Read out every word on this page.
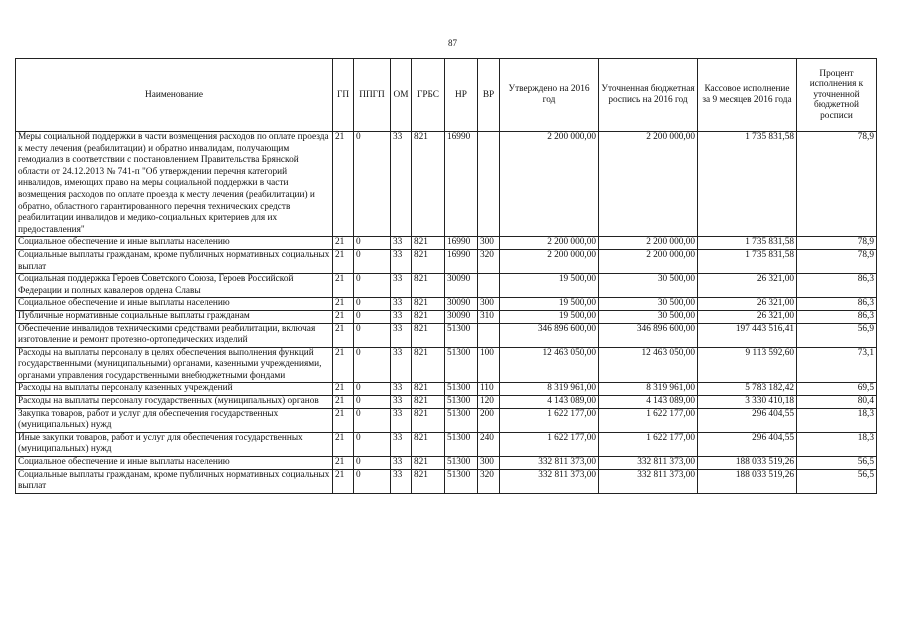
87
Наименование	ГП	ППГП	ОМ	ГРБС	НР	ВР	Утверждено на 2016 год	Уточненная бюджетная роспись на 2016 год	Кассовое исполнение за 9 месяцев 2016 года	Процент исполнения к уточненной бюджетной росписи
Меры социальной поддержки в части возмещения расходов по оплате проезда к месту лечения (реабилитации) и обратно инвалидам, получающим гемодиализ в соответствии с постановлением Правительства Брянской области от 24.12.2013 № 741-п "Об утверждении перечня категорий инвалидов, имеющих право на меры социальной поддержки в части возмещения расходов по оплате проезда к месту лечения (реабилитации) и обратно, областного гарантированного перечня технических средств реабилитации инвалидов и медико-социальных критериев для их предоставления"	21	0	33	821	16990		2 200 000,00	2 200 000,00	1 735 831,58	78,9
Социальное обеспечение и иные выплаты населению	21	0	33	821	16990	300	2 200 000,00	2 200 000,00	1 735 831,58	78,9
Социальные выплаты гражданам, кроме публичных нормативных социальных выплат	21	0	33	821	16990	320	2 200 000,00	2 200 000,00	1 735 831,58	78,9
Социальная поддержка Героев Советского Союза, Героев Российской Федерации и полных кавалеров ордена Славы	21	0	33	821	30090		19 500,00	30 500,00	26 321,00	86,3
Социальное обеспечение и иные выплаты населению	21	0	33	821	30090	300	19 500,00	30 500,00	26 321,00	86,3
Публичные нормативные социальные выплаты гражданам	21	0	33	821	30090	310	19 500,00	30 500,00	26 321,00	86,3
Обеспечение инвалидов техническими средствами реабилитации, включая изготовление и ремонт протезно-ортопедических изделий	21	0	33	821	51300		346 896 600,00	346 896 600,00	197 443 516,41	56,9
Расходы на выплаты персоналу в целях обеспечения выполнения функций государственными (муниципальными) органами, казенными учреждениями, органами управления государственными внебюджетными фондами	21	0	33	821	51300	100	12 463 050,00	12 463 050,00	9 113 592,60	73,1
Расходы на выплаты персоналу казенных учреждений	21	0	33	821	51300	110	8 319 961,00	8 319 961,00	5 783 182,42	69,5
Расходы на выплаты персоналу государственных (муниципальных) органов	21	0	33	821	51300	120	4 143 089,00	4 143 089,00	3 330 410,18	80,4
Закупка товаров, работ и услуг для обеспечения государственных (муниципальных) нужд	21	0	33	821	51300	200	1 622 177,00	1 622 177,00	296 404,55	18,3
Иные закупки товаров, работ и услуг для обеспечения государственных (муниципальных) нужд	21	0	33	821	51300	240	1 622 177,00	1 622 177,00	296 404,55	18,3
Социальное обеспечение и иные выплаты населению	21	0	33	821	51300	300	332 811 373,00	332 811 373,00	188 033 519,26	56,5
Социальные выплаты гражданам, кроме публичных нормативных социальных выплат	21	0	33	821	51300	320	332 811 373,00	332 811 373,00	188 033 519,26	56,5
